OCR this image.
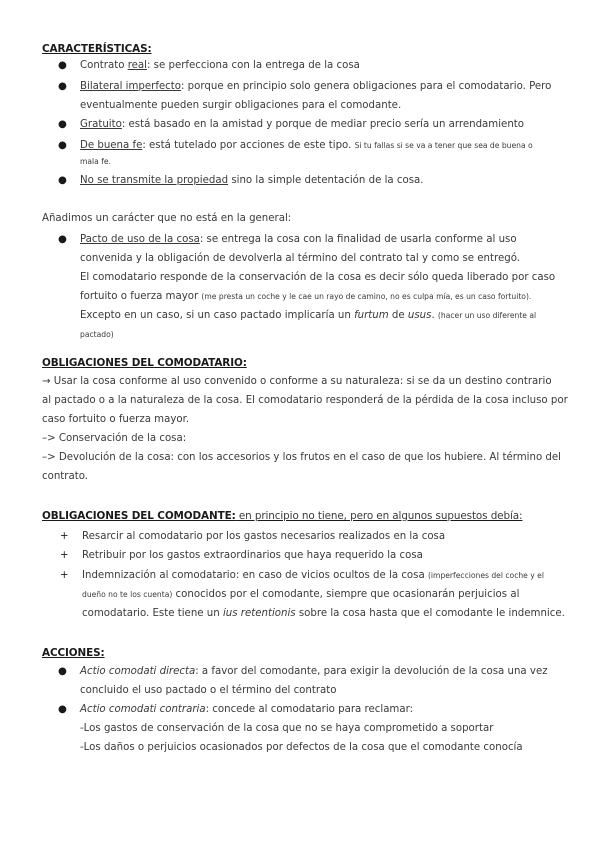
CARACTERÍSTICAS:
●	Contrato real: se perfecciona con la entrega de la cosa
●	Bilateral imperfecto: porque en principio solo genera obligaciones para el comodatario. Pero
eventualmente pueden surgir obligaciones para el comodante.
●	Gratuito: está basado en la amistad y porque de mediar precio sería un arrendamiento
●	De buena fe: está tutelado por acciones de este tipo. Si tu fallas si se va a tener que sea de buena o
mala fe.
●	No se transmite la propiedad sino la simple detentación de la cosa.
Añadimos un carácter que no está en la general:
●	Pacto de uso de la cosa: se entrega la cosa con la finalidad de usarla conforme al uso
convenida y la obligación de devolverla al término del contrato tal y como se entregó.
El comodatario responde de la conservación de la cosa es decir sólo queda liberado por caso
fortuito o fuerza mayor (me presta un coche y le cae un rayo de camino, no es culpa mía, es un caso fortuito).
Excepto en un caso, si un caso pactado implicaría un furtum de usus. (hacer un uso diferente al
pactado)
OBLIGACIONES DEL COMODATARIO:
→ Usar la cosa conforme al uso convenido o conforme a su naturaleza: si se da un destino contrario
al pactado o a la naturaleza de la cosa. El comodatario responderá de la pérdida de la cosa incluso por
caso fortuito o fuerza mayor.
–> Conservación de la cosa:
–> Devolución de la cosa: con los accesorios y los frutos en el caso de que los hubiere. Al término del
contrato.
OBLIGACIONES DEL COMODANTE: en principio no tiene, pero en algunos supuestos debía:
+	Resarcir al comodatario por los gastos necesarios realizados en la cosa
+	Retribuir por los gastos extraordinarios que haya requerido la cosa
+	Indemnización al comodatario: en caso de vicios ocultos de la cosa (imperfecciones del coche y el
dueño no te los cuenta) conocidos por el comodante, siempre que ocasionarán perjuicios al
comodatario. Este tiene un ius retentionis sobre la cosa hasta que el comodante le indemnice.
ACCIONES:
●	Actio comodati directa: a favor del comodante, para exigir la devolución de la cosa una vez
concluido el uso pactado o el término del contrato
●	Actio comodati contraria: concede al comodatario para reclamar:
-Los gastos de conservación de la cosa que no se haya comprometido a soportar
-Los daños o perjuicios ocasionados por defectos de la cosa que el comodante conocía
